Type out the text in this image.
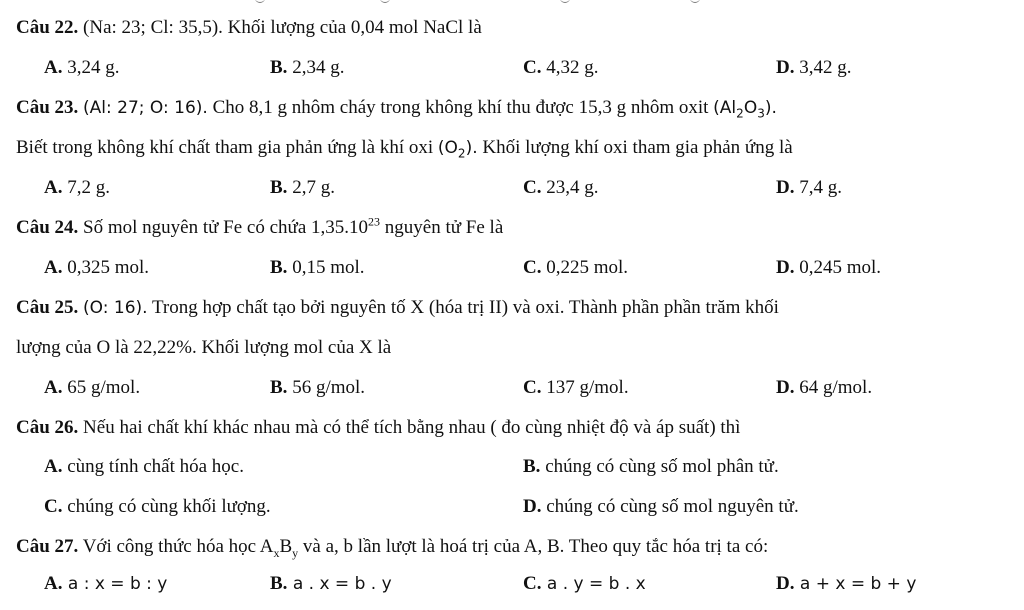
Câu 22. (Na: 23; Cl: 35,5). Khối lượng của 0,04 mol NaCl là
A. 3,24 g.	B. 2,34 g.	C. 4,32 g.	D. 3,42 g.
Câu 23. (Al: 27; O: 16). Cho 8,1 g nhôm cháy trong không khí thu được 15,3 g nhôm oxit $(Al_2O_3)$.
Biết trong không khí chất tham gia phản ứng là khí oxi $(O_2)$. Khối lượng khí oxi tham gia phản ứng là
A. 7,2 g.	B. 2,7 g.	C. 23,4 g.	D. 7,4 g.
Câu 24. Số mol nguyên tử Fe có chứa 1,35.10$^{23}$ nguyên tử Fe là
A. 0,325 mol.	B. 0,15 mol.	C. 0,225 mol.	D. 0,245 mol.
Câu 25. (O: 16). Trong hợp chất tạo bởi nguyên tố X (hóa trị II) và oxi. Thành phần phần trăm khối
lượng của O là 22,22%. Khối lượng mol của X là
A. 65 g/mol.	B. 56 g/mol.	C. 137 g/mol.	D. 64 g/mol.
Câu 26. Nếu hai chất khí khác nhau mà có thể tích bằng nhau ( đo cùng nhiệt độ và áp suất) thì
A. cùng tính chất hóa học.	B. chúng có cùng số mol phân tử.
C. chúng có cùng khối lượng.	D. chúng có cùng số mol nguyên tử.
Câu 27. Với công thức hóa học $A_xB_y$ và a, b lần lượt là hoá trị của A, B. Theo quy tắc hóa trị ta có:
A. a : x = b : y	B. a . x = b . y	C. a . y = b . x	D. a + x = b + y
